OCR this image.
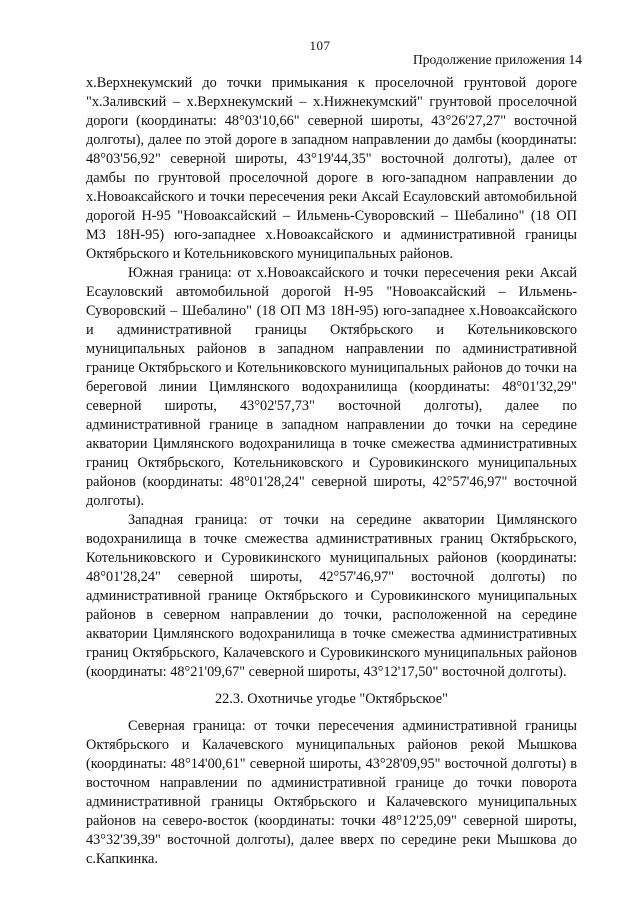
107
Продолжение приложения 14

х.Верхнекумский до точки примыкания к проселочной грунтовой дороге "х.Заливский – х.Верхнекумский – х.Нижнекумский" грунтовой проселочной дороги (координаты: 48°03'10,66" северной широты, 43°26'27,27" восточной долготы), далее по этой дороге в западном направлении до дамбы (координаты: 48°03'56,92" северной широты, 43°19'44,35" восточной долготы), далее от дамбы по грунтовой проселочной дороге в юго-западном направлении до х.Новоаксайского и точки пересечения реки Аксай Есауловский автомобильной дорогой Н-95 "Новоаксайский – Ильмень-Суворовский – Шебалино" (18 ОП МЗ 18Н-95) юго-западнее х.Новоаксайского и административной границы Октябрьского и Котельниковского муниципальных районов.

Южная граница: от х.Новоаксайского и точки пересечения реки Аксай Есауловский автомобильной дорогой Н-95 "Новоаксайский – Ильмень-Суворовский – Шебалино" (18 ОП МЗ 18Н-95) юго-западнее х.Новоаксайского и административной границы Октябрьского и Котельниковского муниципальных районов в западном направлении по административной границе Октябрьского и Котельниковского муниципальных районов до точки на береговой линии Цимлянского водохранилища (координаты: 48°01'32,29" северной широты, 43°02'57,73" восточной долготы), далее по административной границе в западном направлении до точки на середине акватории Цимлянского водохранилища в точке смежества административных границ Октябрьского, Котельниковского и Суровикинского муниципальных районов (координаты: 48°01'28,24" северной широты, 42°57'46,97" восточной долготы).

Западная граница: от точки на середине акватории Цимлянского водохранилища в точке смежества административных границ Октябрьского, Котельниковского и Суровикинского муниципальных районов (координаты: 48°01'28,24" северной широты, 42°57'46,97" восточной долготы) по административной границе Октябрьского и Суровикинского муниципальных районов в северном направлении до точки, расположенной на середине акватории Цимлянского водохранилища в точке смежества административных границ Октябрьского, Калачевского и Суровикинского муниципальных районов (координаты: 48°21'09,67" северной широты, 43°12'17,50" восточной долготы).

22.3. Охотничье угодье "Октябрьское"

Северная граница: от точки пересечения административной границы Октябрьского и Калачевского муниципальных районов рекой Мышкова (координаты: 48°14'00,61" северной широты, 43°28'09,95" восточной долготы) в восточном направлении по административной границе до точки поворота административной границы Октябрьского и Калачевского муниципальных районов на северо-восток (координаты: точки 48°12'25,09" северной широты, 43°32'39,39" восточной долготы), далее вверх по середине реки Мышкова до с.Капкинка.
